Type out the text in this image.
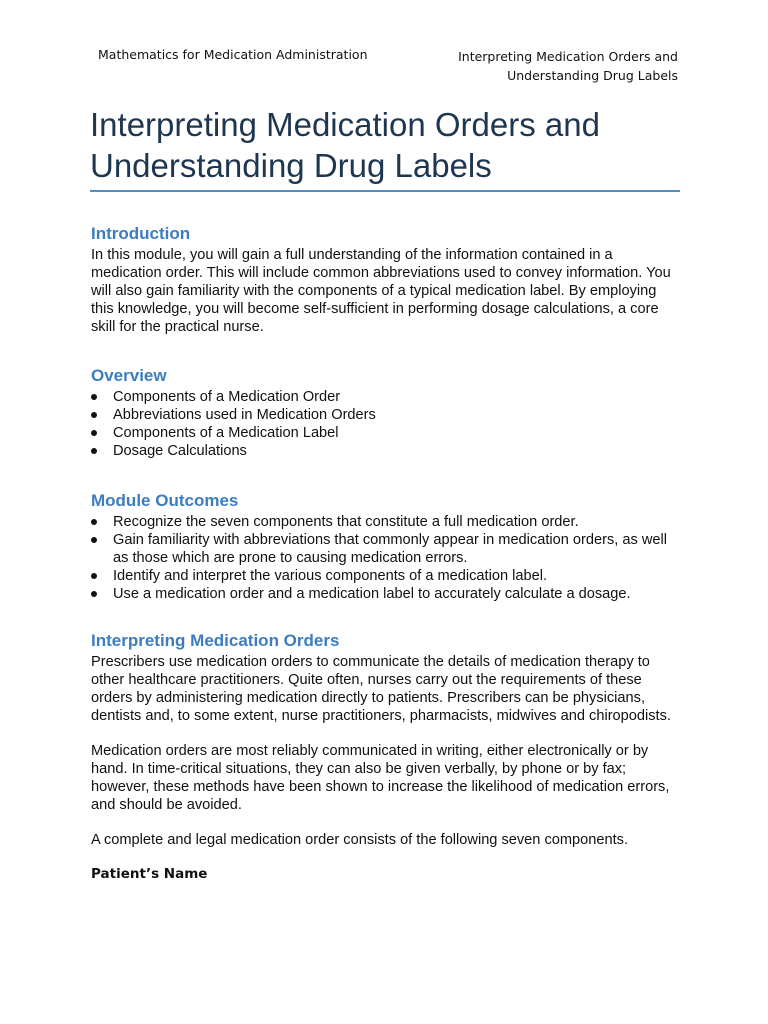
Mathematics for Medication Administration	Interpreting Medication Orders and
Understanding Drug Labels
Interpreting Medication Orders and
Understanding Drug Labels
Introduction

In this module, you will gain a full understanding of the information contained in a medication order. This will include common abbreviations used to convey information. You will also gain familiarity with the components of a typical medication label. By employing this knowledge, you will become self-sufficient in performing dosage calculations, a core skill for the practical nurse.

Overview
Components of a Medication Order
Abbreviations used in Medication Orders
Components of a Medication Label
Dosage Calculations
Module Outcomes
Recognize the seven components that constitute a full medication order.
Gain familiarity with abbreviations that commonly appear in medication orders, as well as those which are prone to causing medication errors.
Identify and interpret the various components of a medication label.
Use a medication order and a medication label to accurately calculate a dosage.
Interpreting Medication Orders

Prescribers use medication orders to communicate the details of medication therapy to other healthcare practitioners. Quite often, nurses carry out the requirements of these orders by administering medication directly to patients. Prescribers can be physicians, dentists and, to some extent, nurse practitioners, pharmacists, midwives and chiropodists.

Medication orders are most reliably communicated in writing, either electronically or by hand. In time-critical situations, they can also be given verbally, by phone or by fax; however, these methods have been shown to increase the likelihood of medication errors, and should be avoided.

A complete and legal medication order consists of the following seven components.

Patient’s Name
